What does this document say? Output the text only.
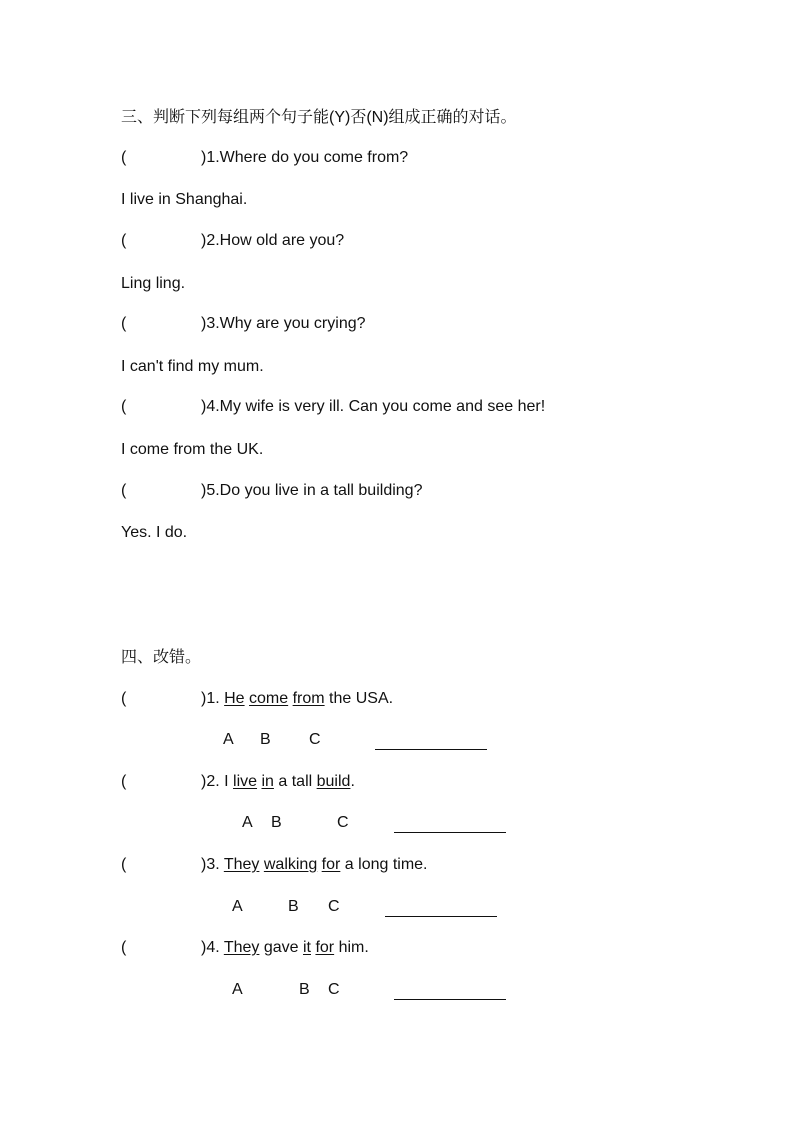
三、判断下列每组两个句子能(Y)否(N)组成正确的对话。
(	)1.Where do you come from?
I live in Shanghai.
(	)2.How old are you?
Ling ling.
(	)3.Why are you crying?
I can't find my mum.
(	)4.My wife is very ill. Can you come and see her!
I come from the UK.
(	)5.Do you live in a tall building?
Yes. I do.
四、改错。
(	)1. He come from the USA.
A B C
(	)2. I live in a tall build.
A B	C
(	)3. They walking for a long time.
A	B C
(	)4. They gave it for him.
A	B C
